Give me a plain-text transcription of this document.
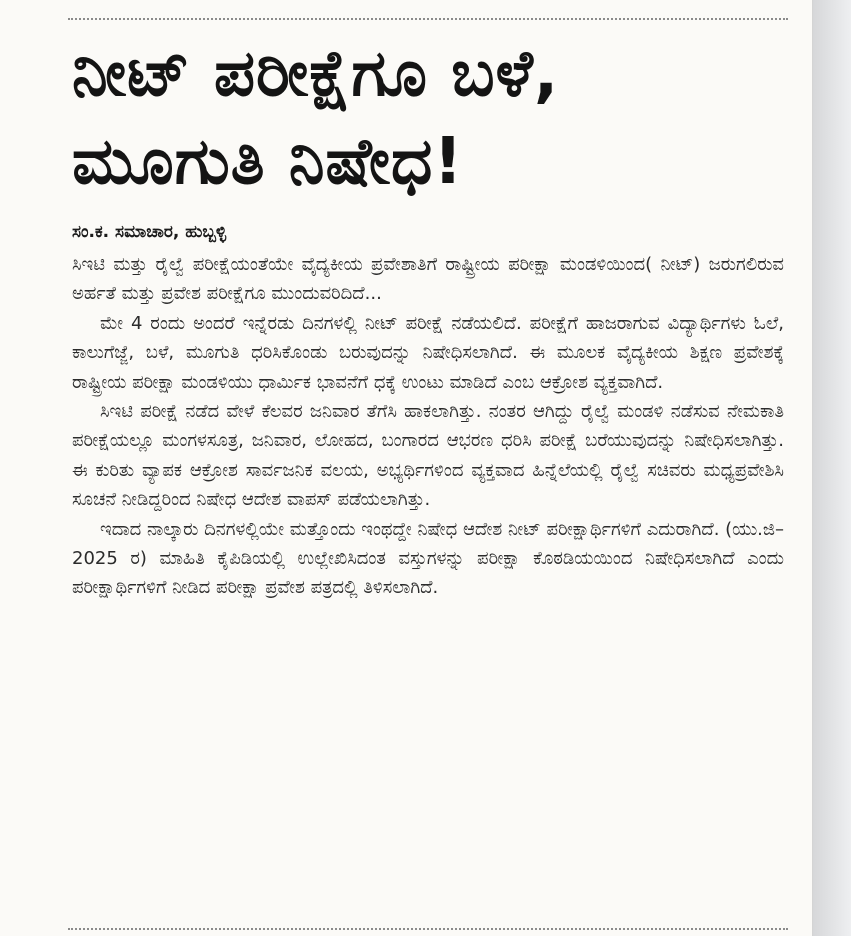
ನೀಟ್ ಪರೀಕ್ಷೆಗೂ ಬಳೆ,
ಮೂಗುತಿ ನಿಷೇಧ!

ಸಂ.ಕ. ಸಮಾಚಾರ, ಹುಬ್ಬಳ್ಳಿ

ಸಿಇಟಿ ಮತ್ತು ರೈಲ್ವೆ ಪರೀಕ್ಷೆಯಂತೆಯೇ ವೈದ್ಯಕೀಯ ಪ್ರವೇಶಾತಿಗೆ ರಾಷ್ಟ್ರೀಯ ಪರೀಕ್ಷಾ ಮಂಡಳಿಯಿಂದ( ನೀಟ್) ಜರುಗಲಿರುವ ಅರ್ಹತೆ ಮತ್ತು ಪ್ರವೇಶ ಪರೀಕ್ಷೆಗೂ ಮುಂದುವರಿದಿದೆ...

ಮೇ 4 ರಂದು ಅಂದರೆ ಇನ್ನೆರಡು ದಿನಗಳಲ್ಲಿ ನೀಟ್ ಪರೀಕ್ಷೆ ನಡೆಯಲಿದೆ. ಪರೀಕ್ಷೆಗೆ ಹಾಜರಾಗುವ ವಿದ್ಯಾರ್ಥಿಗಳು ಓಲೆ, ಕಾಲುಗೆಜ್ಜೆ, ಬಳೆ, ಮೂಗುತಿ ಧರಿಸಿಕೊಂಡು ಬರುವುದನ್ನು ನಿಷೇಧಿಸಲಾಗಿದೆ. ಈ ಮೂಲಕ ವೈದ್ಯಕೀಯ ಶಿಕ್ಷಣ ಪ್ರವೇಶಕ್ಕೆ ರಾಷ್ಟ್ರೀಯ ಪರೀಕ್ಷಾ ಮಂಡಳಿಯು ಧಾರ್ಮಿಕ ಭಾವನೆಗೆ ಧಕ್ಕೆ ಉಂಟು ಮಾಡಿದೆ ಎಂಬ ಆಕ್ರೋಶ ವ್ಯಕ್ತವಾಗಿದೆ.

ಸಿಇಟಿ ಪರೀಕ್ಷೆ ನಡೆದ ವೇಳೆ ಕೆಲವರ ಜನಿವಾರ ತೆಗೆಸಿ ಹಾಕಲಾಗಿತ್ತು. ನಂತರ ಆಗಿದ್ದು ರೈಲ್ವೆ ಮಂಡಳಿ ನಡೆಸುವ ನೇಮಕಾತಿ ಪರೀಕ್ಷೆಯಲ್ಲೂ ಮಂಗಳಸೂತ್ರ, ಜನಿವಾರ, ಲೋಹದ, ಬಂಗಾರದ ಆಭರಣ ಧರಿಸಿ ಪರೀಕ್ಷೆ ಬರೆಯುವುದನ್ನು ನಿಷೇಧಿಸಲಾಗಿತ್ತು. ಈ ಕುರಿತು ವ್ಯಾಪಕ ಆಕ್ರೋಶ ಸಾರ್ವಜನಿಕ ವಲಯ, ಅಭ್ಯರ್ಥಿಗಳಿಂದ ವ್ಯಕ್ತವಾದ ಹಿನ್ನೆಲೆಯಲ್ಲಿ ರೈಲ್ವೆ ಸಚಿವರು ಮಧ್ಯಪ್ರವೇಶಿಸಿ ಸೂಚನೆ ನೀಡಿದ್ದರಿಂದ ನಿಷೇಧ ಆದೇಶ ವಾಪಸ್ ಪಡೆಯಲಾಗಿತ್ತು.

ಇದಾದ ನಾಲ್ಕಾರು ದಿನಗಳಲ್ಲಿಯೇ ಮತ್ತೊಂದು ಇಂಥದ್ದೇ ನಿಷೇಧ ಆದೇಶ ನೀಟ್ ಪರೀಕ್ಷಾರ್ಥಿಗಳಿಗೆ ಎದುರಾಗಿದೆ. (ಯು.ಜಿ–2025 ರ) ಮಾಹಿತಿ ಕೈಪಿಡಿಯಲ್ಲಿ ಉಲ್ಲೇಖಿಸಿದಂತ ವಸ್ತುಗಳನ್ನು ಪರೀಕ್ಷಾ ಕೊಠಡಿಯಯಿಂದ ನಿಷೇಧಿಸಲಾಗಿದೆ ಎಂದು ಪರೀಕ್ಷಾರ್ಥಿಗಳಿಗೆ ನೀಡಿದ ಪರೀಕ್ಷಾ ಪ್ರವೇಶ ಪತ್ರದಲ್ಲಿ ತಿಳಿಸಲಾಗಿದೆ.
